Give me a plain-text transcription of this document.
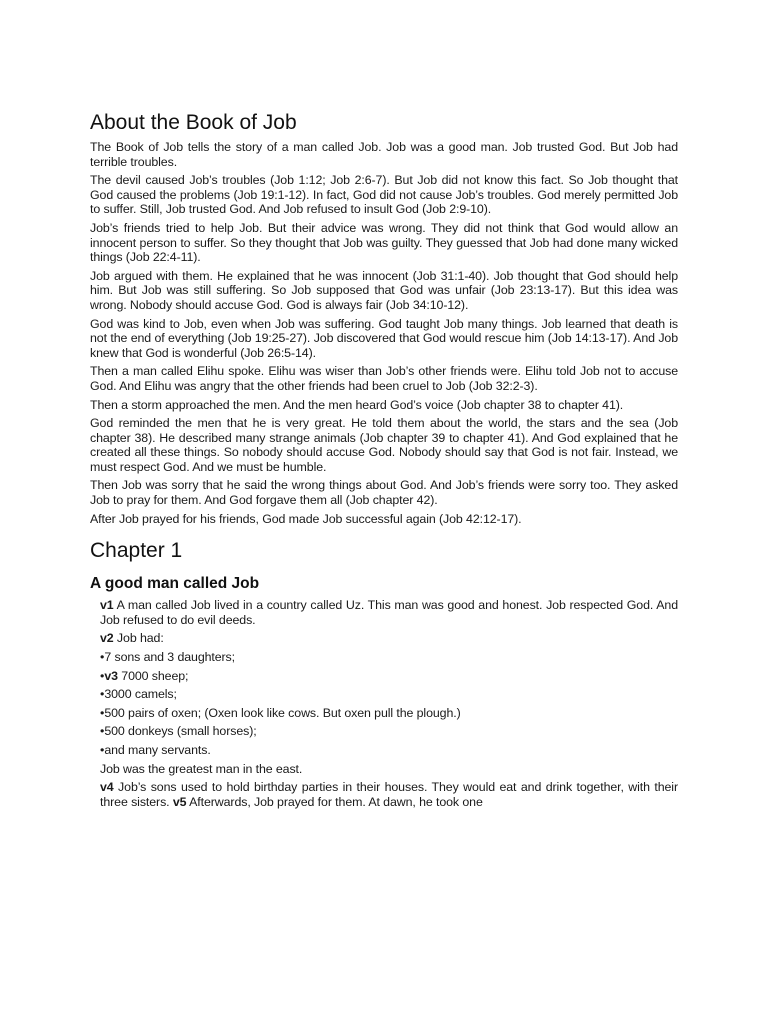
About the Book of Job

The Book of Job tells the story of a man called Job. Job was a good man. Job trusted God. But Job had terrible troubles.

The devil caused Job’s troubles (Job 1:12; Job 2:6-7). But Job did not know this fact. So Job thought that God caused the problems (Job 19:1-12). In fact, God did not cause Job’s troubles. God merely permitted Job to suffer. Still, Job trusted God. And Job refused to insult God (Job 2:9-10).

Job’s friends tried to help Job. But their advice was wrong. They did not think that God would allow an innocent person to suffer. So they thought that Job was guilty. They guessed that Job had done many wicked things (Job 22:4-11).

Job argued with them. He explained that he was innocent (Job 31:1-40). Job thought that God should help him. But Job was still suffering. So Job supposed that God was unfair (Job 23:13-17). But this idea was wrong. Nobody should accuse God. God is always fair (Job 34:10-12).

God was kind to Job, even when Job was suffering. God taught Job many things. Job learned that death is not the end of everything (Job 19:25-27). Job discovered that God would rescue him (Job 14:13-17). And Job knew that God is wonderful (Job 26:5-14).

Then a man called Elihu spoke. Elihu was wiser than Job’s other friends were. Elihu told Job not to accuse God. And Elihu was angry that the other friends had been cruel to Job (Job 32:2-3).

Then a storm approached the men. And the men heard God’s voice (Job chapter 38 to chapter 41).

God reminded the men that he is very great. He told them about the world, the stars and the sea (Job chapter 38). He described many strange animals (Job chapter 39 to chapter 41). And God explained that he created all these things. So nobody should accuse God. Nobody should say that God is not fair. Instead, we must respect God. And we must be humble.

Then Job was sorry that he said the wrong things about God. And Job’s friends were sorry too. They asked Job to pray for them. And God forgave them all (Job chapter 42).

After Job prayed for his friends, God made Job successful again (Job 42:12-17).

Chapter 1
A good man called Job

v1 A man called Job lived in a country called Uz. This man was good and honest. Job respected God. And Job refused to do evil deeds.

v2 Job had:

•7 sons and 3 daughters;

•v3 7000 sheep;

•3000 camels;

•500 pairs of oxen; (Oxen look like cows. But oxen pull the plough.)

•500 donkeys (small horses);

•and many servants.

Job was the greatest man in the east.

v4 Job’s sons used to hold birthday parties in their houses. They would eat and drink together, with their three sisters. v5 Afterwards, Job prayed for them. At dawn, he took one
